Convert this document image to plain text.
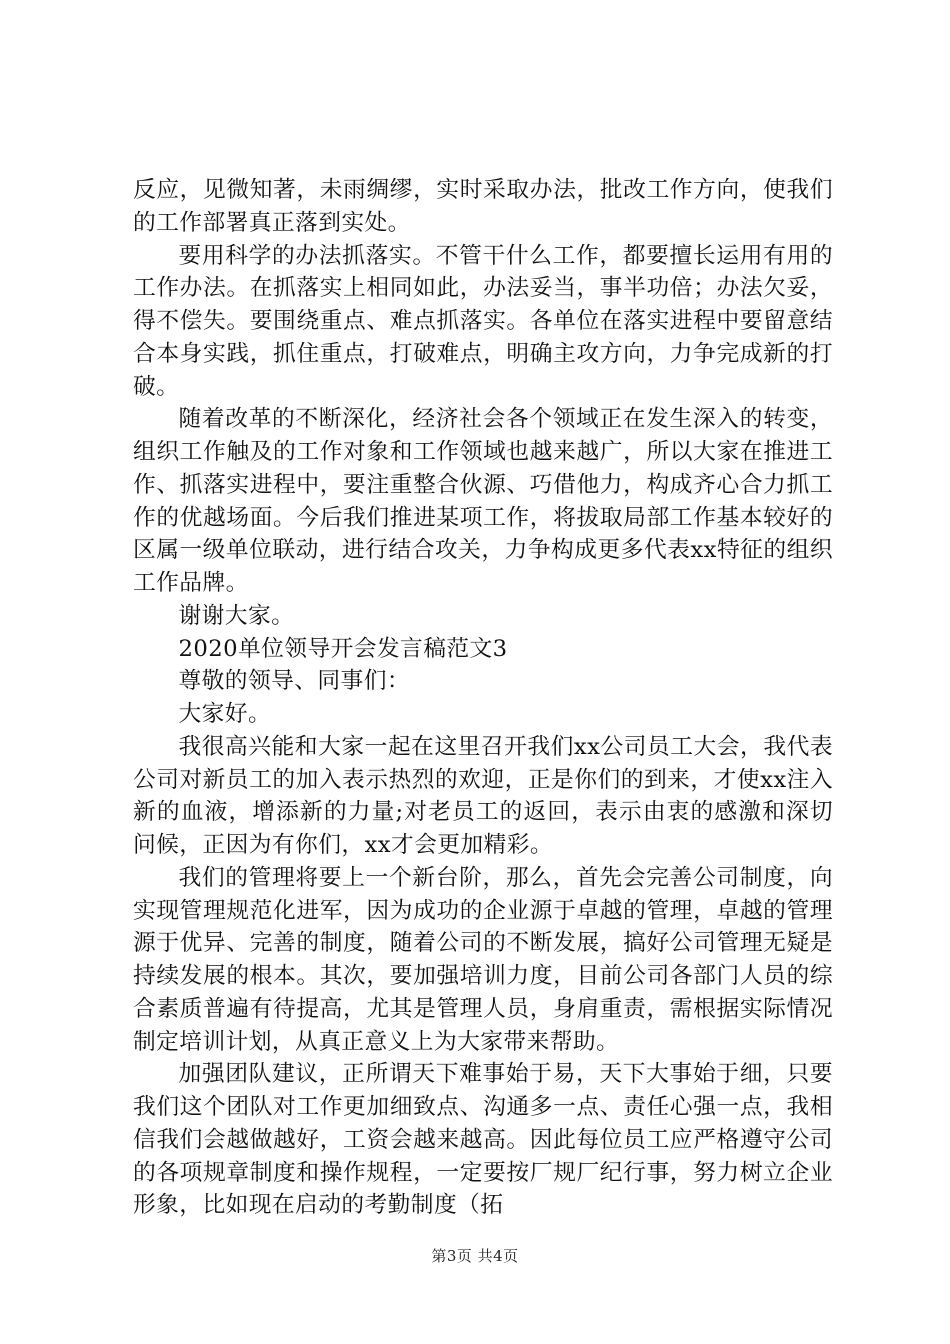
反应，见微知著，未雨绸缪，实时采取办法，批改工作方向，使我们的工作部署真正落到实处。

要用科学的办法抓落实。不管干什么工作，都要擅长运用有用的工作办法。在抓落实上相同如此，办法妥当，事半功倍；办法欠妥，得不偿失。要围绕重点、难点抓落实。各单位在落实进程中要留意结合本身实践，抓住重点，打破难点，明确主攻方向，力争完成新的打破。

随着改革的不断深化，经济社会各个领域正在发生深入的转变，组织工作触及的工作对象和工作领域也越来越广，所以大家在推进工作、抓落实进程中，要注重整合伙源、巧借他力，构成齐心合力抓工作的优越场面。今后我们推进某项工作，将拔取局部工作基本较好的区属一级单位联动，进行结合攻关，力争构成更多代表xx特征的组织工作品牌。

谢谢大家。

2020单位领导开会发言稿范文3

尊敬的领导、同事们：

大家好。

我很高兴能和大家一起在这里召开我们xx公司员工大会，我代表公司对新员工的加入表示热烈的欢迎，正是你们的到来，才使xx注入新的血液，增添新的力量;对老员工的返回，表示由衷的感激和深切问候，正因为有你们，xx才会更加精彩。

我们的管理将要上一个新台阶，那么，首先会完善公司制度，向实现管理规范化进军，因为成功的企业源于卓越的管理，卓越的管理源于优异、完善的制度，随着公司的不断发展，搞好公司管理无疑是持续发展的根本。其次，要加强培训力度，目前公司各部门人员的综合素质普遍有待提高，尤其是管理人员，身肩重责，需根据实际情况制定培训计划，从真正意义上为大家带来帮助。

加强团队建议，正所谓天下难事始于易，天下大事始于细，只要我们这个团队对工作更加细致点、沟通多一点、责任心强一点，我相信我们会越做越好，工资会越来越高。因此每位员工应严格遵守公司的各项规章制度和操作规程，一定要按厂规厂纪行事，努力树立企业形象，比如现在启动的考勤制度（拓

第3页 共4页
